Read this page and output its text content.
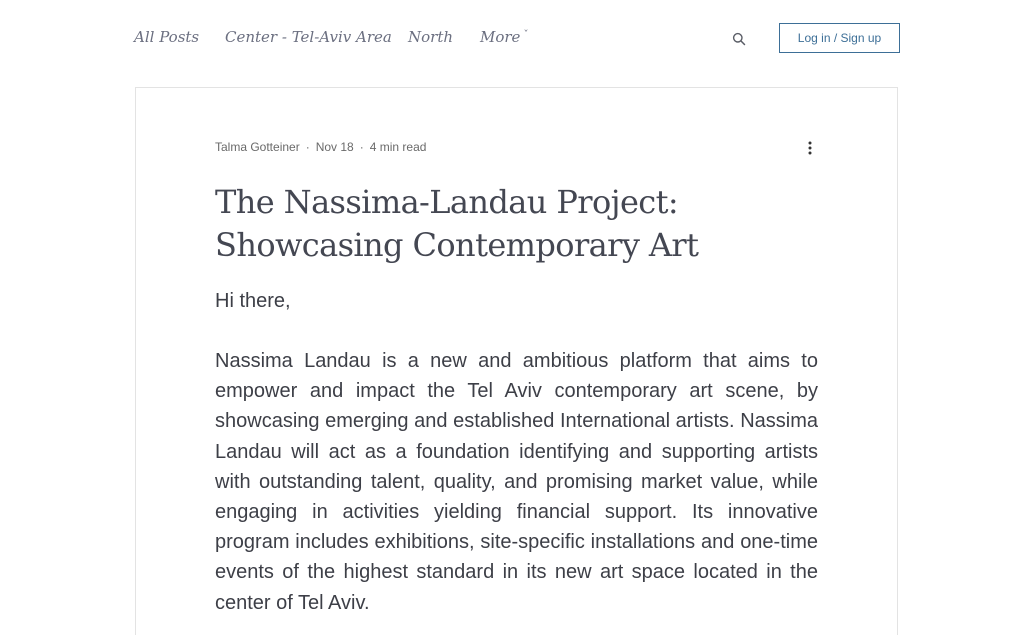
All Posts Center - Tel-Aviv Area North More ˇ	Log in / Sign up
Talma Gotteiner · Nov 18 · 4 min read
The Nassima-Landau Project: Showcasing Contemporary Art

Hi there,

Nassima Landau is a new and ambitious platform that aims to empower and impact the Tel Aviv contemporary art scene, by showcasing emerging and established International artists. Nassima Landau will act as a foundation identifying and supporting artists with outstanding talent, quality, and promising market value, while engaging in activities yielding financial support. Its innovative program includes exhibitions, site-specific installations and one-time events of the highest standard in its new art space located in the center of Tel Aviv.
